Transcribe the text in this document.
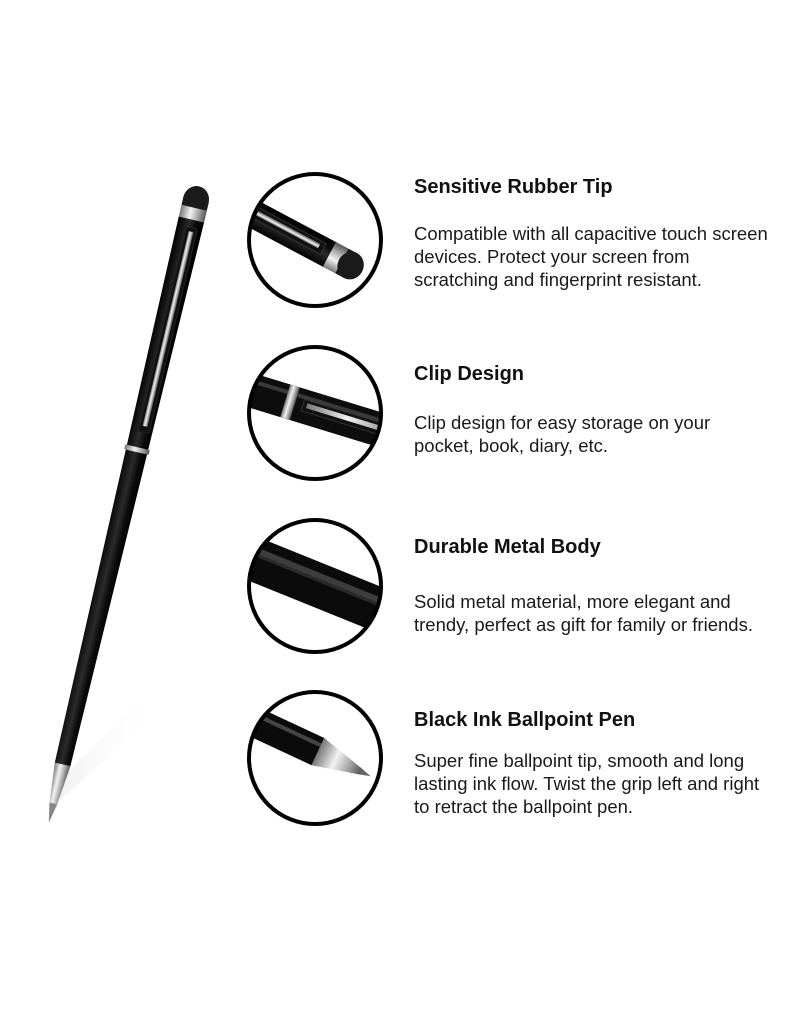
Sensitive Rubber Tip

Compatible with all capacitive touch screen devices. Protect your screen from scratching and fingerprint resistant.

Clip Design

Clip design for easy storage on your pocket, book, diary, etc.

Durable Metal Body

Solid metal material, more elegant and trendy, perfect as gift for family or friends.

Black Ink Ballpoint Pen

Super fine ballpoint tip, smooth and long lasting ink flow. Twist the grip left and right to retract the ballpoint pen.
